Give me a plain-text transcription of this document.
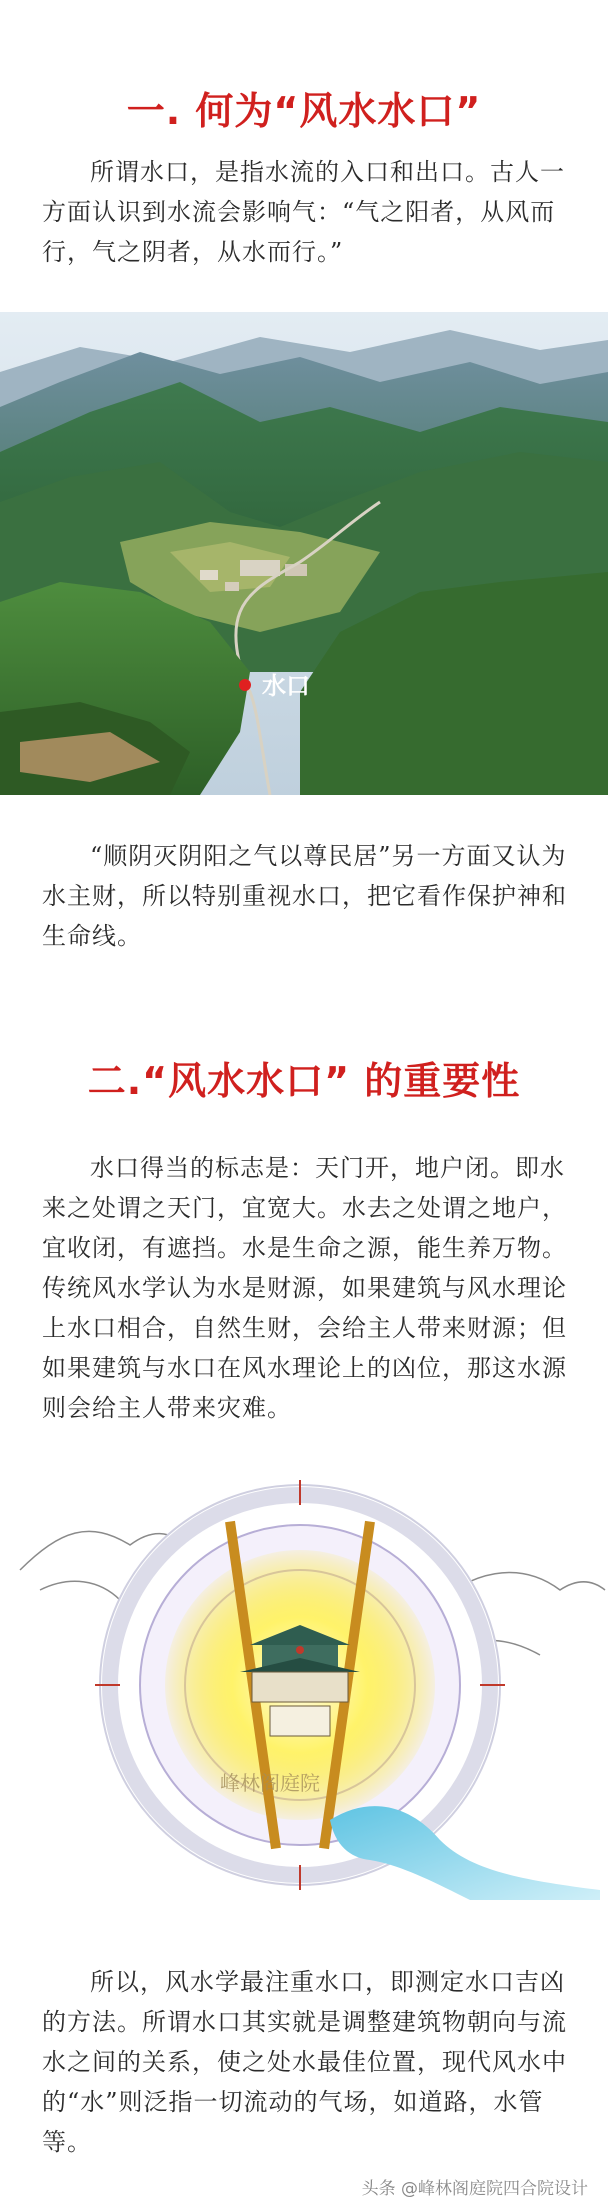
一. 何为“风水水口”

所谓水口，是指水流的入口和出口。古人一方面认识到水流会影响气：“气之阳者，从风而行，气之阴者，从水而行。”

水口

“顺阴灭阴阳之气以尊民居”另一方面又认为水主财，所以特别重视水口，把它看作保护神和生命线。

二.“风水水口” 的重要性

水口得当的标志是：天门开，地户闭。即水来之处谓之天门，宜宽大。水去之处谓之地户，宜收闭，有遮挡。水是生命之源，能生养万物。传统风水学认为水是财源，如果建筑与风水理论上水口相合，自然生财，会给主人带来财源；但如果建筑与水口在风水理论上的凶位，那这水源则会给主人带来灾难。

峰林阁庭院

所以，风水学最注重水口，即测定水口吉凶的方法。所谓水口其实就是调整建筑物朝向与流水之间的关系，使之处水最佳位置，现代风水中的“水”则泛指一切流动的气场，如道路，水管等。

头条 @峰林阁庭院四合院设计
